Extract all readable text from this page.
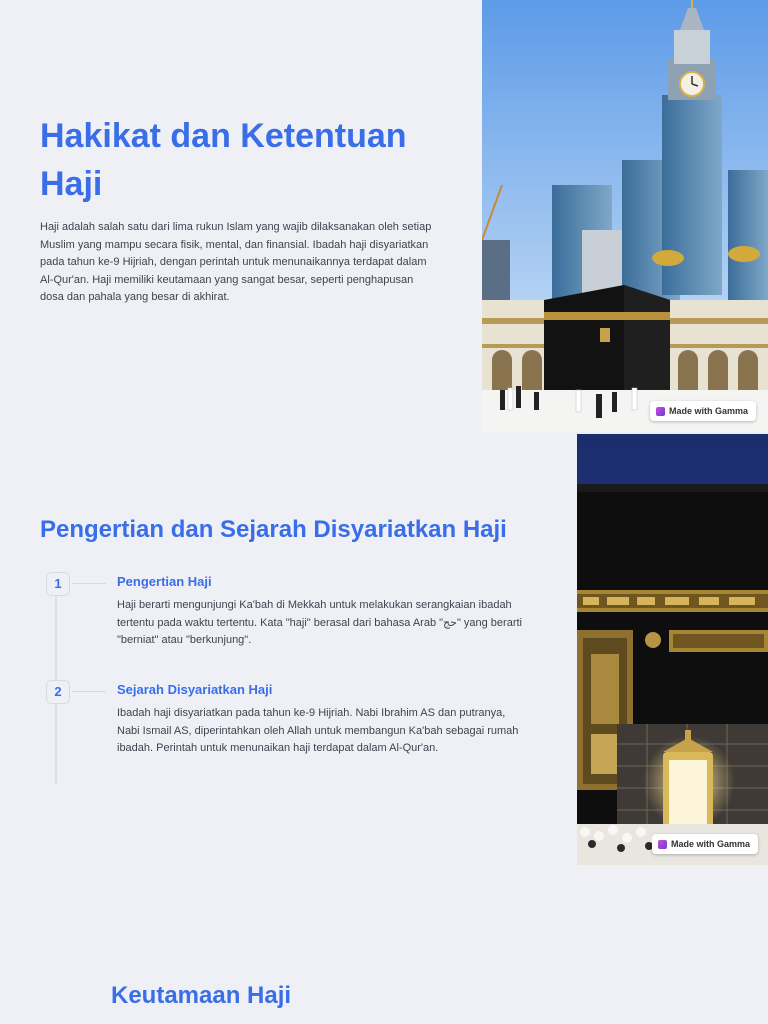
Hakikat dan Ketentuan Haji

Haji adalah salah satu dari lima rukun Islam yang wajib dilaksanakan oleh setiap Muslim yang mampu secara fisik, mental, dan finansial. Ibadah haji disyariatkan pada tahun ke-9 Hijriah, dengan perintah untuk menunaikannya terdapat dalam Al-Qur'an. Haji memiliki keutamaan yang sangat besar, seperti penghapusan dosa dan pahala yang besar di akhirat.

Made with Gamma
Pengertian dan Sejarah Disyariatkan Haji
1	Pengertian Haji

Haji berarti mengunjungi Ka'bah di Mekkah untuk melakukan serangkaian ibadah tertentu pada waktu tertentu. Kata "haji" berasal dari bahasa Arab "حج" yang berarti "berniat" atau "berkunjung".

2	Sejarah Disyariatkan Haji

Ibadah haji disyariatkan pada tahun ke-9 Hijriah. Nabi Ibrahim AS dan putranya, Nabi Ismail AS, diperintahkan oleh Allah untuk membangun Ka'bah sebagai rumah ibadah. Perintah untuk menunaikan haji terdapat dalam Al-Qur'an.

Made with Gamma
Keutamaan Haji
